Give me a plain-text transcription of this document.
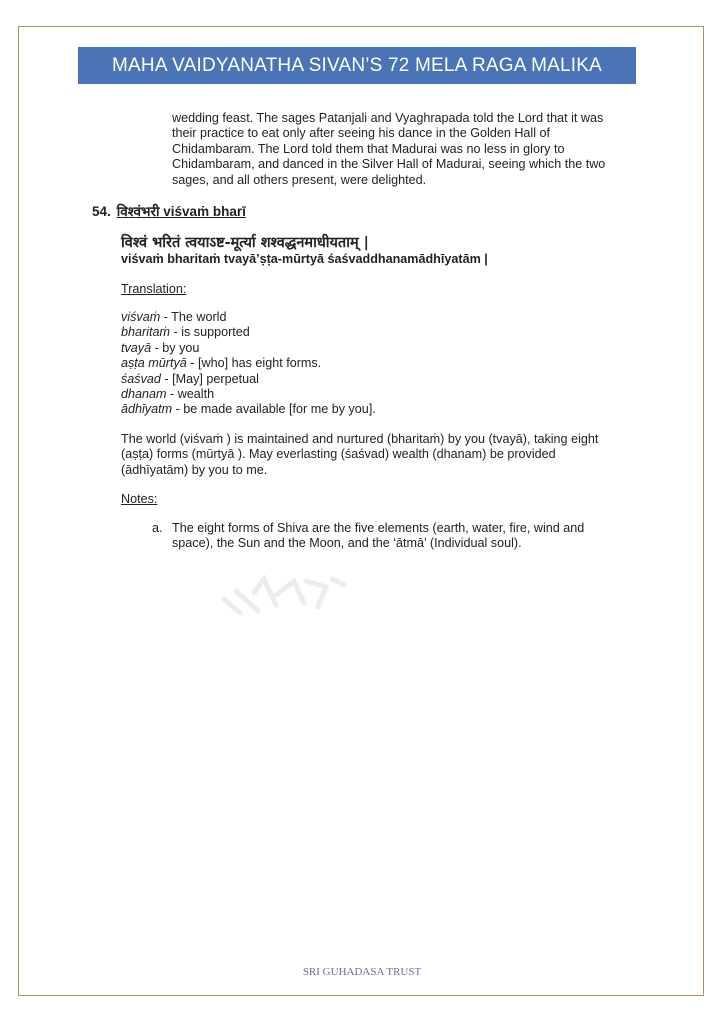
MAHA VAIDYANATHA SIVAN’S 72 MELA RAGA MALIKA
wedding feast. The sages Patanjali and Vyaghrapada told the Lord that it was
their practice to eat only after seeing his dance in the Golden Hall of
Chidambaram. The Lord told them that Madurai was no less in glory to
Chidambaram, and danced in the Silver Hall of Madurai, seeing which the two
sages, and all others present, were delighted.
54. विश्वंभरी viśvaṁ bharī
विश्वं भरितं त्वयाऽष्ट-मूर्त्या शश्वद्धनमाधीयताम् |
viśvaṁ bharitaṁ tvayā’ṣṭa-mūrtyā śaśvaddhanamādhīyatām |
Translation:
viśvaṁ - The world
bharitaṁ - is supported
tvayā - by you
aṣṭa mūrtyā - [who] has eight forms.
śaśvad - [May] perpetual
dhanam - wealth
ādhīyatm - be made available [for me by you].
The world (viśvaṁ ) is maintained and nurtured (bharitaṁ) by you (tvayā), taking eight
(aṣṭa) forms (mūrtyā ). May everlasting (śaśvad) wealth (dhanam) be provided
(ādhīyatām) by you to me.
Notes:
a. The eight forms of Shiva are the five elements (earth, water, fire, wind and
space), the Sun and the Moon, and the ‘ātmā’ (Individual soul).
SRI GUHADASA TRUST
